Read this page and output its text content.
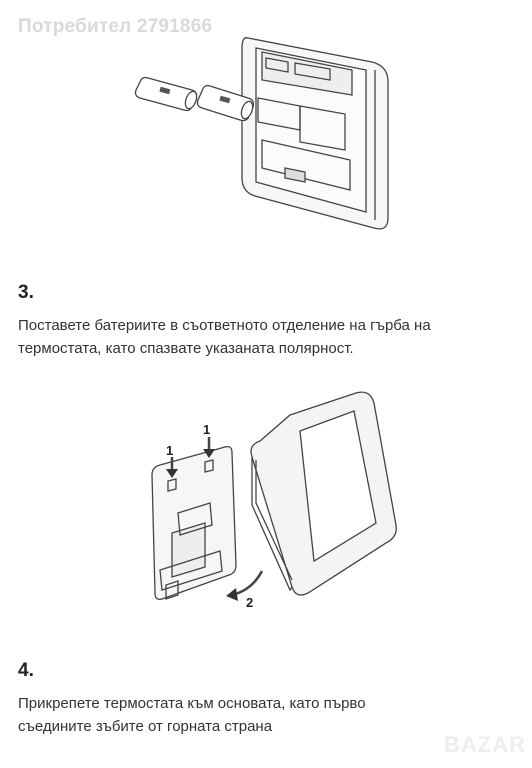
Потребител 2791866
3.
Поставете батериите в съответното отделение на гърба на
термостата, като спазвате указаната полярност.
1
1
2
4.
Прикрепете термостата към основата, като първо
съедините зъбите от горната страна
BAZAR
